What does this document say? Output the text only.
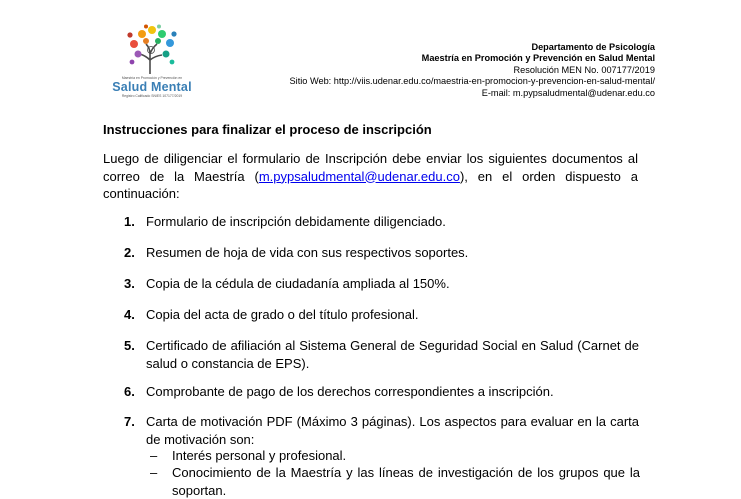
Maestría en Promoción y Prevención en
Salud Mental
Registro Calificado SNIES 107177/2019
Departamento de Psicología
Maestría en Promoción y Prevención en Salud Mental
Resolución MEN No. 007177/2019
Sitio Web: http://viis.udenar.edu.co/maestria-en-promocion-y-prevencion-en-salud-mental/
E-mail: m.pypsaludmental@udenar.edu.co
Instrucciones para finalizar el proceso de inscripción
Luego de diligenciar el formulario de Inscripción debe enviar los siguientes documentos al correo de la Maestría (m.pypsaludmental@udenar.edu.co), en el orden dispuesto a continuación:
1. Formulario de inscripción debidamente diligenciado.
2. Resumen de hoja de vida con sus respectivos soportes.
3. Copia de la cédula de ciudadanía ampliada al 150%.
4. Copia del acta de grado o del título profesional.
5. Certificado de afiliación al Sistema General de Seguridad Social en Salud (Carnet de salud o constancia de EPS).
6. Comprobante de pago de los derechos correspondientes a inscripción.
7. Carta de motivación PDF (Máximo 3 páginas). Los aspectos para evaluar en la carta de motivación son:
– Interés personal y profesional.
– Conocimiento de la Maestría y las líneas de investigación de los grupos que la soportan.
